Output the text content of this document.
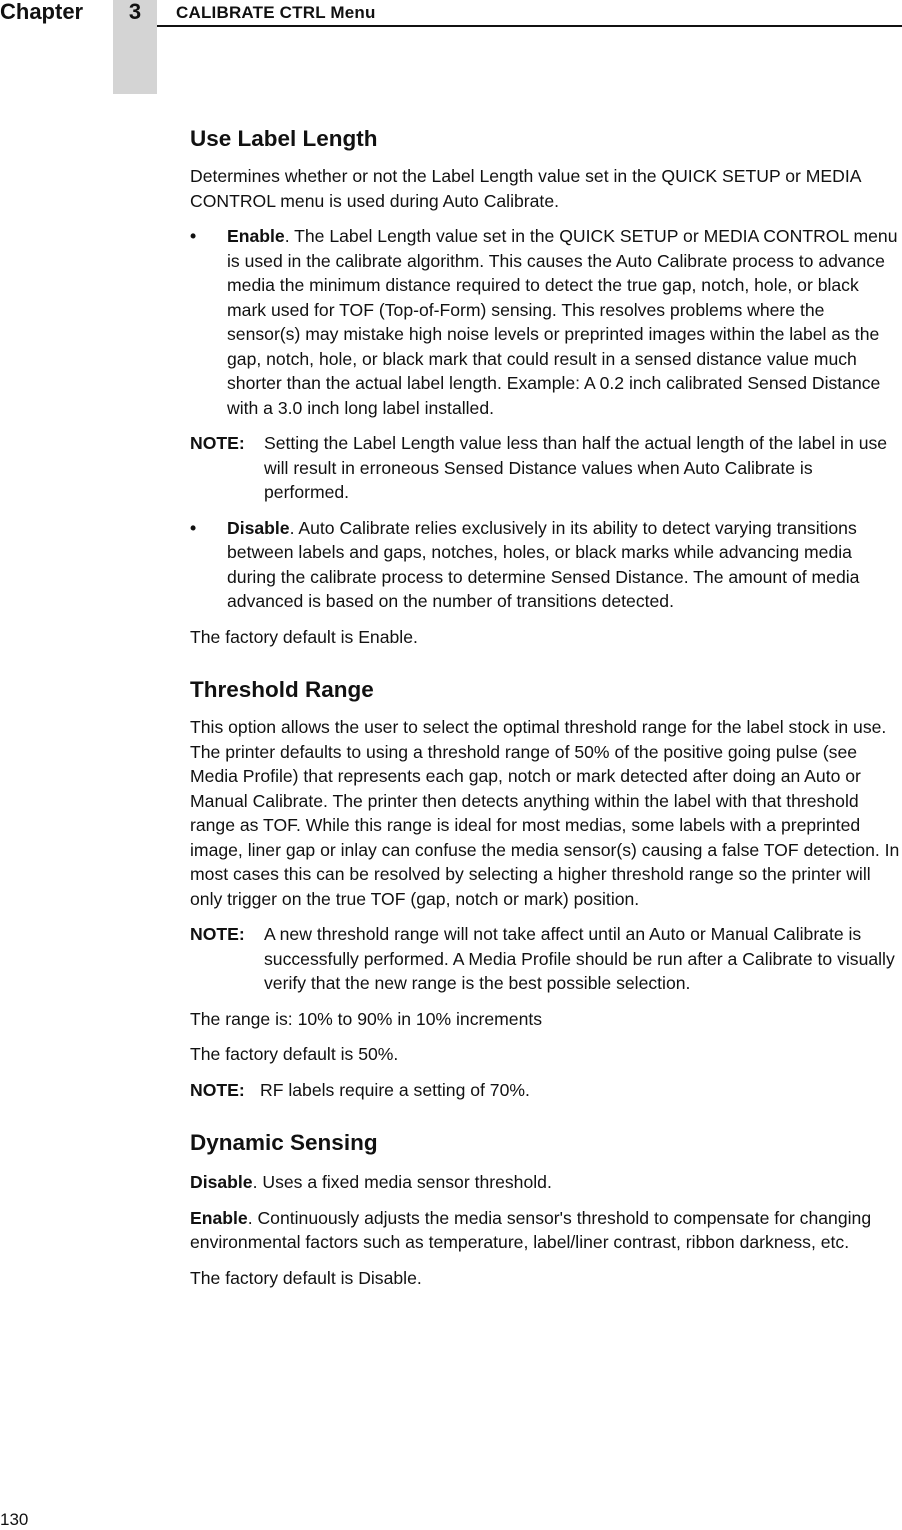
Chapter	3	CALIBRATE CTRL Menu
Use Label Length

Determines whether or not the Label Length value set in the QUICK SETUP or MEDIA CONTROL menu is used during Auto Calibrate.

• Enable. The Label Length value set in the QUICK SETUP or MEDIA CONTROL menu is used in the calibrate algorithm. This causes the Auto Calibrate process to advance media the minimum distance required to detect the true gap, notch, hole, or black mark used for TOF (Top-of-Form) sensing. This resolves problems where the sensor(s) may mistake high noise levels or preprinted images within the label as the gap, notch, hole, or black mark that could result in a sensed distance value much shorter than the actual label length. Example: A 0.2 inch calibrated Sensed Distance with a 3.0 inch long label installed.
NOTE: Setting the Label Length value less than half the actual length of the label in use will result in erroneous Sensed Distance values when Auto Calibrate is performed.
• Disable. Auto Calibrate relies exclusively in its ability to detect varying transitions between labels and gaps, notches, holes, or black marks while advancing media during the calibrate process to determine Sensed Distance. The amount of media advanced is based on the number of transitions detected.

The factory default is Enable.

Threshold Range

This option allows the user to select the optimal threshold range for the label stock in use. The printer defaults to using a threshold range of 50% of the positive going pulse (see Media Profile) that represents each gap, notch or mark detected after doing an Auto or Manual Calibrate. The printer then detects anything within the label with that threshold range as TOF. While this range is ideal for most medias, some labels with a preprinted image, liner gap or inlay can confuse the media sensor(s) causing a false TOF detection. In most cases this can be resolved by selecting a higher threshold range so the printer will only trigger on the true TOF (gap, notch or mark) position.

NOTE: A new threshold range will not take affect until an Auto or Manual Calibrate is successfully performed. A Media Profile should be run after a Calibrate to visually verify that the new range is the best possible selection.

The range is: 10% to 90% in 10% increments

The factory default is 50%.

NOTE: RF labels require a setting of 70%.
Dynamic Sensing

Disable. Uses a fixed media sensor threshold.

Enable. Continuously adjusts the media sensor's threshold to compensate for changing environmental factors such as temperature, label/liner contrast, ribbon darkness, etc.

The factory default is Disable.

130
